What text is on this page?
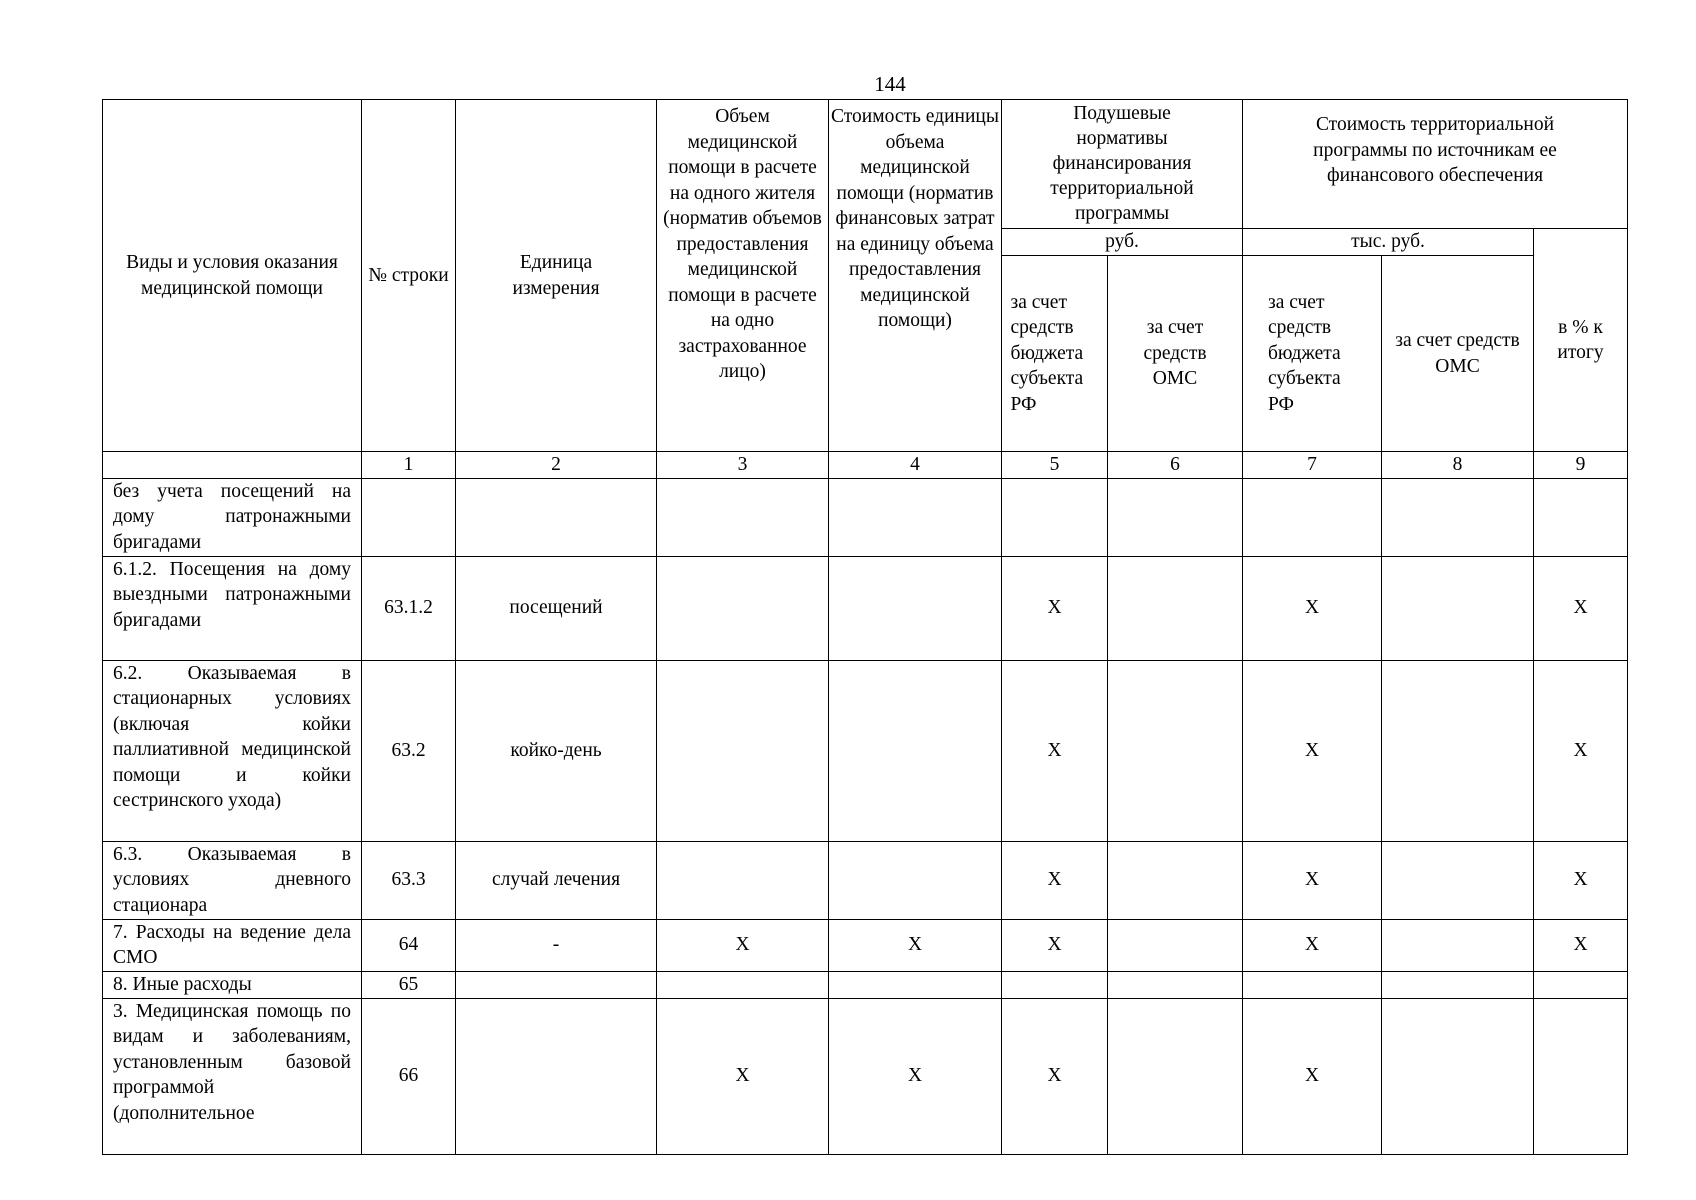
144
Виды и условия оказания медицинской помощи	№ строки	Единица измерения	Объем медицинской помощи в расчете на одного жителя (норматив объемов предоставления медицинской помощи в расчете на одно застрахованное лицо)	Стоимость единицы объема медицинской помощи (норматив финансовых затрат на единицу объема предоставления медицинской помощи)	Подушевые нормативы финансирования территориальной программы		Стоимость территориальной программы по источникам ее финансового обеспечения		
					руб.		тыс. руб.		в % к итогу
					за счет средств бюджета субъекта РФ	за счет средств ОМС	за счет средств бюджета субъекта РФ	за счет средств ОМС	
	1	2	3	4	5	6	7	8	9
без учета посещений на дому патронажными бригадами									
6.1.2. Посещения на дому выездными патронажными бригадами	63.1.2	посещений			Х		Х		Х
6.2. Оказываемая в стационарных условиях (включая койки паллиативной медицинской помощи и койки сестринского ухода)	63.2	койко-день			Х		Х		Х
6.3. Оказываемая в условиях дневного стационара	63.3	случай лечения			Х		Х		Х
7. Расходы на ведение дела СМО	64	-	Х	Х	Х		Х		Х
8. Иные расходы	65								
3. Медицинская помощь по видам и заболеваниям, установленным базовой программой (дополнительное	66		Х	Х	Х		Х		
